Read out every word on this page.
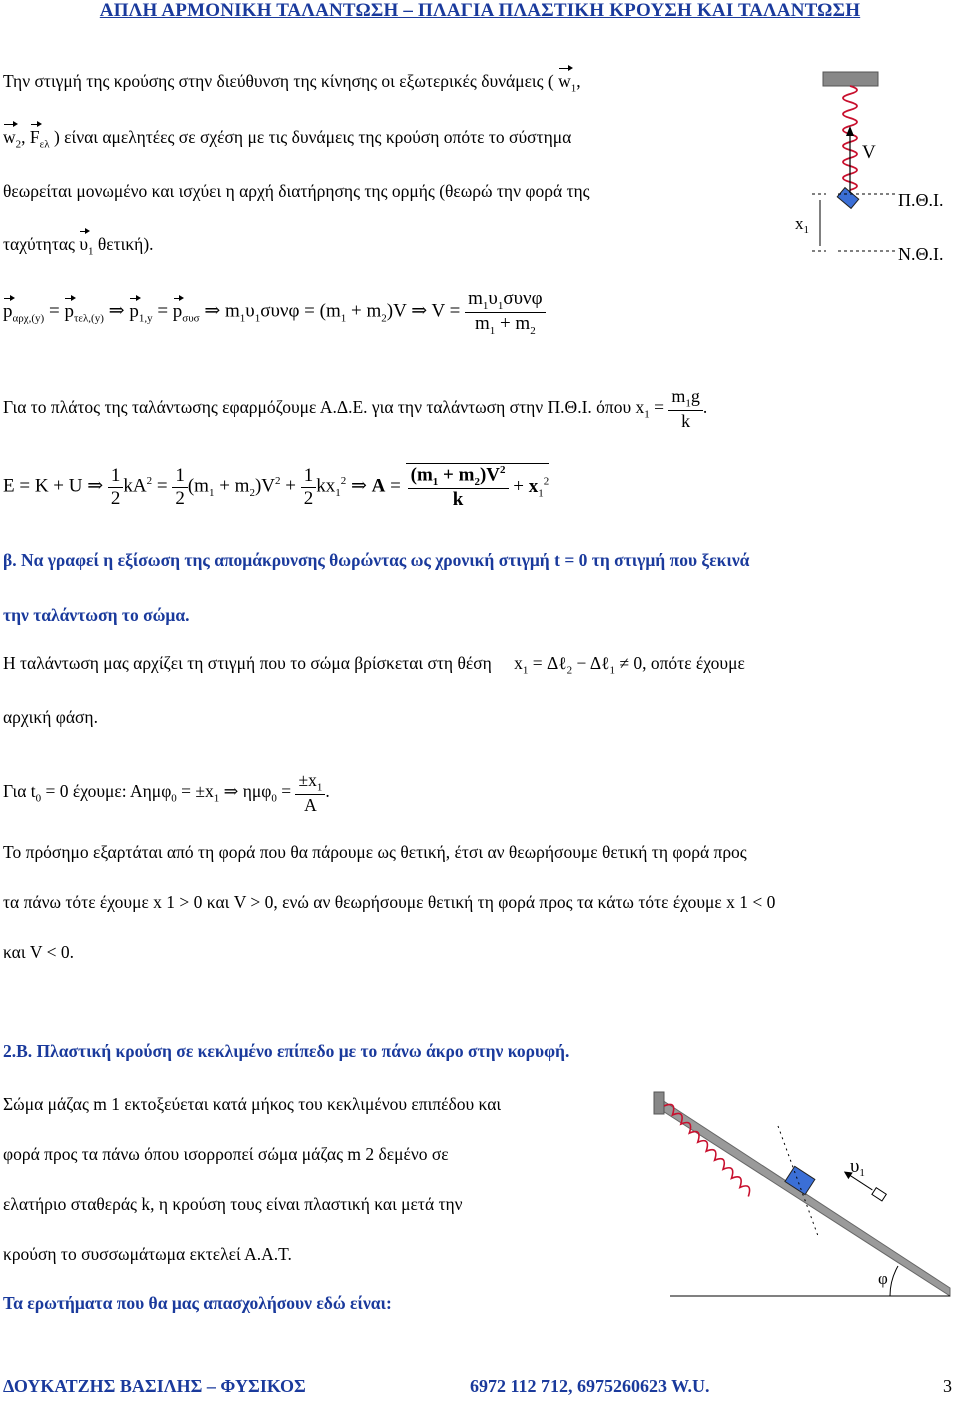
ΑΠΛΗ ΑΡΜΟΝΙΚΗ ΤΑΛΑΝΤΩΣΗ – ΠΛΑΓΙΑ ΠΛΑΣΤΙΚΗ ΚΡΟΥΣΗ ΚΑΙ ΤΑΛΑΝΤΩΣΗ
Την στιγμή της κρούσης στην διεύθυνση της κίνησης οι εξωτερικές δυνάμεις ( $w_1$,
$w_2$, $F_{\varepsilon\lambda}$ ) είναι αμελητέες σε σχέση με τις δυνάμεις της κρούση οπότε το σύστημα
θεωρείται μονωμένο και ισχύει η αρχή διατήρησης της ορμής (θεωρώ την φορά της
ταχύτητας $\upsilon_1$ θετική).
V
$x_1$
Π.Θ.Ι.
Ν.Θ.Ι.
$p_{\alpha\rho\chi,(y)} = p_{\tau\varepsilon\lambda,(y)}$ ⇒ $p_{1,y} = p_{\sigma\upsilon\sigma}$ ⇒ $m_1\upsilon_1\sigma\upsilon\nu\varphi = (m_1 + m_2)V$ ⇒ $V = \frac{m_1\upsilon_1\sigma\upsilon\nu\varphi}{m_1 + m_2}$
Για το πλάτος της ταλάντωσης εφαρμόζουμε Α.Δ.Ε. για την ταλάντωση στην Π.Θ.Ι. όπου $x_1 = \frac{m_1g}{k}$ .
E = K + U ⇒ $\frac{1}{2} kA^2 = \frac{1}{2} (m_1 + m_2)V^2 + \frac{1}{2} kx_1^2$ ⇒ $A = \frac{(m_1 + m_2)V^2}{k} + x_1^2$
β. Να γραφεί η εξίσωση της απομάκρυνσης θωρώντας ως χρονική στιγμή t = 0 τη στιγμή που ξεκινά
την ταλάντωση το σώμα.
Η ταλάντωση μας αρχίζει τη στιγμή που το σώμα βρίσκεται στη θέση $x_1$ = Δℓ$_2$ − Δℓ$_1$ ≠ 0, οπότε έχουμε
αρχική φάση.
Για $t_0 = 0$ έχουμε: $A\eta\mu\varphi_0 = \pm x_1$ ⇒ $\eta\mu\varphi_0 = \frac{\pm x_1}{A}$ .
Το πρόσημο εξαρτάται από τη φορά που θα πάρουμε ως θετική, έτσι αν θεωρήσουμε θετική τη φορά προς
τα πάνω τότε έχουμε x 1 > 0 και V > 0, ενώ αν θεωρήσουμε θετική τη φορά προς τα κάτω τότε έχουμε x 1 < 0
και V < 0.
2.Β. Πλαστική κρούση σε κεκλιμένο επίπεδο με το πάνω άκρο στην κορυφή.
Σώμα μάζας m 1 εκτοξεύεται κατά μήκος του κεκλιμένου επιπέδου και
φορά προς τα πάνω όπου ισορροπεί σώμα μάζας m 2 δεμένο σε
ελατήριο σταθεράς k, η κρούση τους είναι πλαστική και μετά την
κρούση το συσσωμάτωμα εκτελεί Α.Α.Τ.
$\upsilon_1$
φ
Τα ερωτήματα που θα μας απασχολήσουν εδώ είναι:
ΔΟΥΚΑΤΖΗΣ ΒΑΣΙΛΗΣ – ΦΥΣΙΚΟΣ	6972 112 712, 6975260623 W.U.	3
